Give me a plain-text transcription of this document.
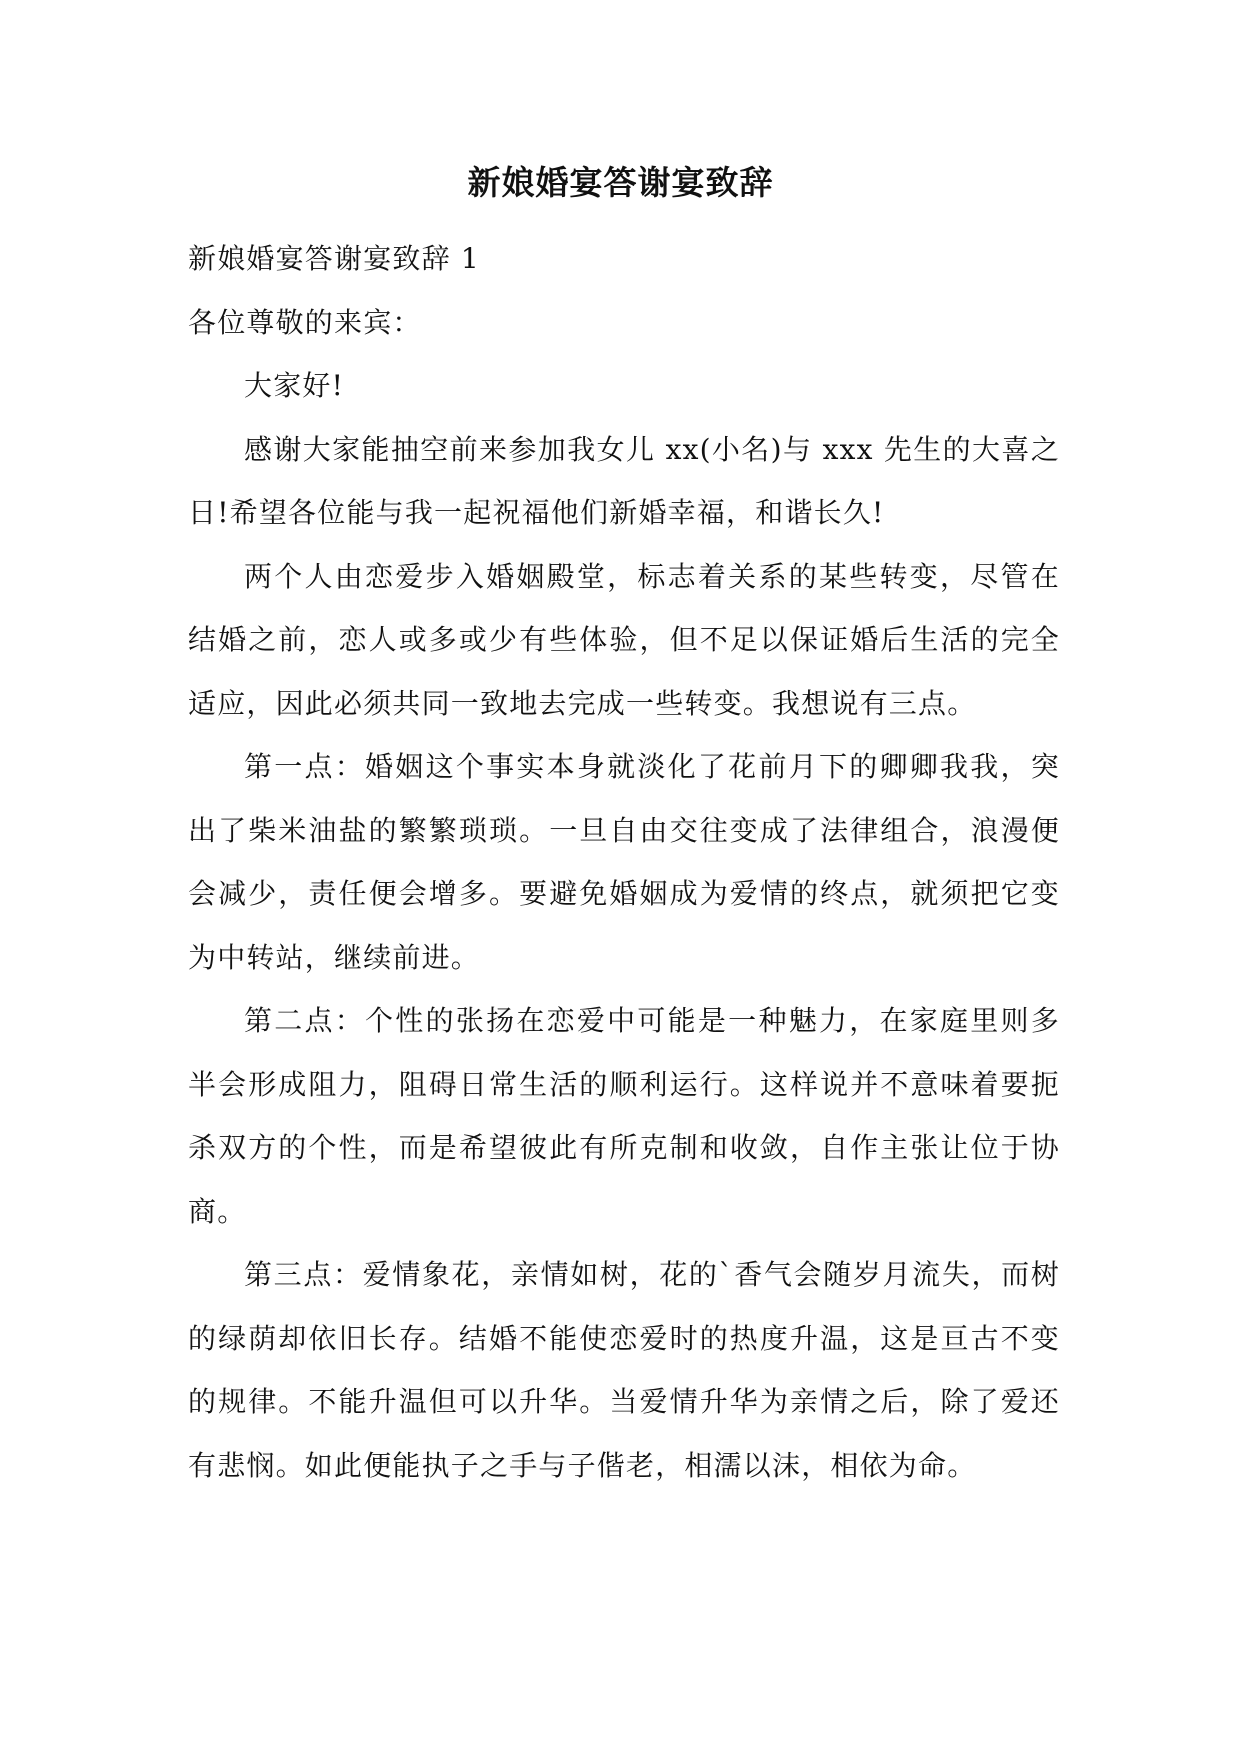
新娘婚宴答谢宴致辞

新娘婚宴答谢宴致辞 1

各位尊敬的来宾：

大家好!

感谢大家能抽空前来参加我女儿 xx(小名)与 xxx 先生的大喜之日!希望各位能与我一起祝福他们新婚幸福，和谐长久!

两个人由恋爱步入婚姻殿堂，标志着关系的某些转变，尽管在结婚之前，恋人或多或少有些体验，但不足以保证婚后生活的完全适应，因此必须共同一致地去完成一些转变。我想说有三点。

第一点：婚姻这个事实本身就淡化了花前月下的卿卿我我，突出了柴米油盐的繁繁琐琐。一旦自由交往变成了法律组合，浪漫便会减少，责任便会增多。要避免婚姻成为爱情的终点，就须把它变为中转站，继续前进。

第二点：个性的张扬在恋爱中可能是一种魅力，在家庭里则多半会形成阻力，阻碍日常生活的顺利运行。这样说并不意味着要扼杀双方的个性，而是希望彼此有所克制和收敛，自作主张让位于协商。

第三点：爱情象花，亲情如树，花的`香气会随岁月流失，而树的绿荫却依旧长存。结婚不能使恋爱时的热度升温，这是亘古不变的规律。不能升温但可以升华。当爱情升华为亲情之后，除了爱还有悲悯。如此便能执子之手与子偕老，相濡以沫，相依为命。
